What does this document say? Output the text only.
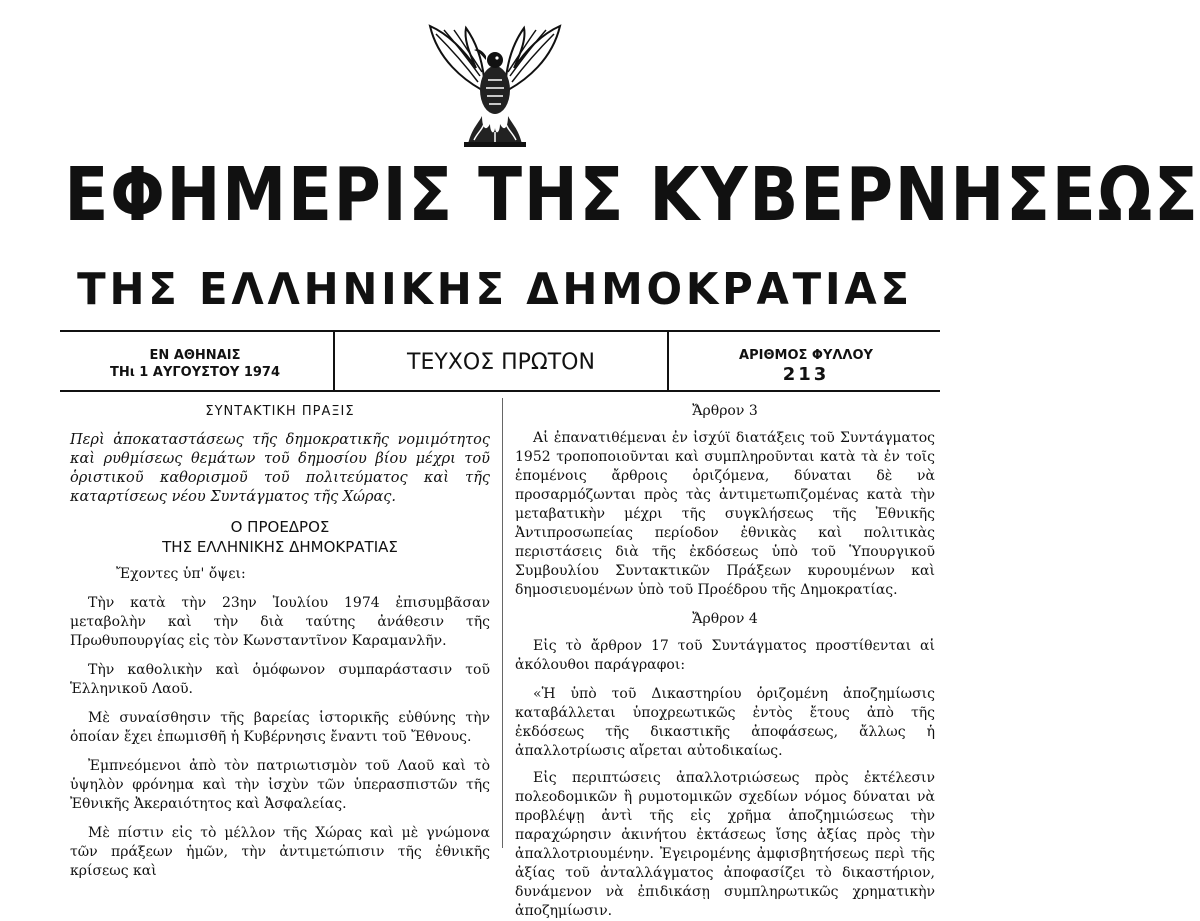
ΕΦΗΜΕΡΙΣ ΤΗΣ ΚΥΒΕΡΝΗΣΕΩΣ
ΤΗΣ ΕΛΛΗΝΙΚΗΣ ΔΗΜΟΚΡΑΤΙΑΣ
ΕΝ ΑΘΗΝΑΙΣ
ΤΗι 1 ΑΥΓΟΥΣΤΟΥ 1974	ΤΕΥΧΟΣ ΠΡΩΤΟΝ	ΑΡΙΘΜΟΣ ΦΥΛΛΟΥ
213

ΣΥΝΤΑΚΤΙΚΗ ΠΡΑΞΙΣ

Περὶ ἀποκαταστάσεως τῆς δημοκρατικῆς νομιμότητος καὶ ρυθμίσεως θεμάτων τοῦ δημοσίου βίου μέχρι τοῦ ὁριστικοῦ καθορισμοῦ τοῦ πολιτεύματος καὶ τῆς καταρτίσεως νέου Συντάγματος τῆς Χώρας.

Ο ΠΡΟΕΔΡΟΣ

ΤΗΣ ΕΛΛΗΝΙΚΗΣ ΔΗΜΟΚΡΑΤΙΑΣ

Ἔχοντες ὑπ' ὄψει:

Τὴν κατὰ τὴν 23ην Ἰουλίου 1974 ἐπισυμβᾶσαν μεταβολὴν καὶ τὴν διὰ ταύτης ἀνάθεσιν τῆς Πρωθυπουργίας εἰς τὸν Κωνσταντῖνον Καραμανλῆν.

Τὴν καθολικὴν καὶ ὁμόφωνον συμπαράστασιν τοῦ Ἑλληνικοῦ Λαοῦ.

Μὲ συναίσθησιν τῆς βαρείας ἱστορικῆς εὐθύνης τὴν ὁποίαν ἔχει ἐπωμισθῆ ἡ Κυβέρνησις ἔναντι τοῦ Ἔθνους.

Ἐμπνεόμενοι ἀπὸ τὸν πατριωτισμὸν τοῦ Λαοῦ καὶ τὸ ὑψηλὸν φρόνημα καὶ τὴν ἰσχὺν τῶν ὑπερασπιστῶν τῆς Ἐθνικῆς Ἀκεραιότητος καὶ Ἀσφαλείας.

Μὲ πίστιν εἰς τὸ μέλλον τῆς Χώρας καὶ μὲ γνώμονα τῶν πράξεων ἡμῶν, τὴν ἀντιμετώπισιν τῆς ἐθνικῆς κρίσεως καὶ

Ἄρθρον 3

Αἱ ἐπανατιθέμεναι ἐν ἰσχύϊ διατάξεις τοῦ Συντάγματος 1952 τροποποιοῦνται καὶ συμπληροῦνται κατὰ τὰ ἐν τοῖς ἑπομένοις ἄρθροις ὁριζόμενα, δύναται δὲ νὰ προσαρμόζωνται πρὸς τὰς ἀντιμετωπιζομένας κατὰ τὴν μεταβατικὴν μέχρι τῆς συγκλήσεως τῆς Ἐθνικῆς Ἀντιπροσωπείας περίοδον ἐθνικὰς καὶ πολιτικὰς περιστάσεις διὰ τῆς ἐκδόσεως ὑπὸ τοῦ Ὑπουργικοῦ Συμβουλίου Συντακτικῶν Πράξεων κυρουμένων καὶ δημοσιευομένων ὑπὸ τοῦ Προέδρου τῆς Δημοκρατίας.

Ἄρθρον 4

Εἰς τὸ ἄρθρον 17 τοῦ Συντάγματος προστίθενται αἱ ἀκόλουθοι παράγραφοι:

«Ἡ ὑπὸ τοῦ Δικαστηρίου ὁριζομένη ἀποζημίωσις καταβάλλεται ὑποχρεωτικῶς ἐντὸς ἔτους ἀπὸ τῆς ἐκδόσεως τῆς δικαστικῆς ἀποφάσεως, ἄλλως ἡ ἀπαλλοτρίωσις αἴρεται αὐτοδικαίως.

Εἰς περιπτώσεις ἀπαλλοτριώσεως πρὸς ἐκτέλεσιν πολεοδομικῶν ἢ ρυμοτομικῶν σχεδίων νόμος δύναται νὰ προβλέψῃ ἀντὶ τῆς εἰς χρῆμα ἀποζημιώσεως τὴν παραχώρησιν ἀκινήτου ἐκτάσεως ἴσης ἀξίας πρὸς τὴν ἀπαλλοτριουμένην. Ἐγειρομένης ἀμφισβητήσεως περὶ τῆς ἀξίας τοῦ ἀνταλλάγματος ἀποφασίζει τὸ δικαστήριον, δυνάμενον νὰ ἐπιδικάσῃ συμπληρωτικῶς χρηματικὴν ἀποζημίωσιν.
